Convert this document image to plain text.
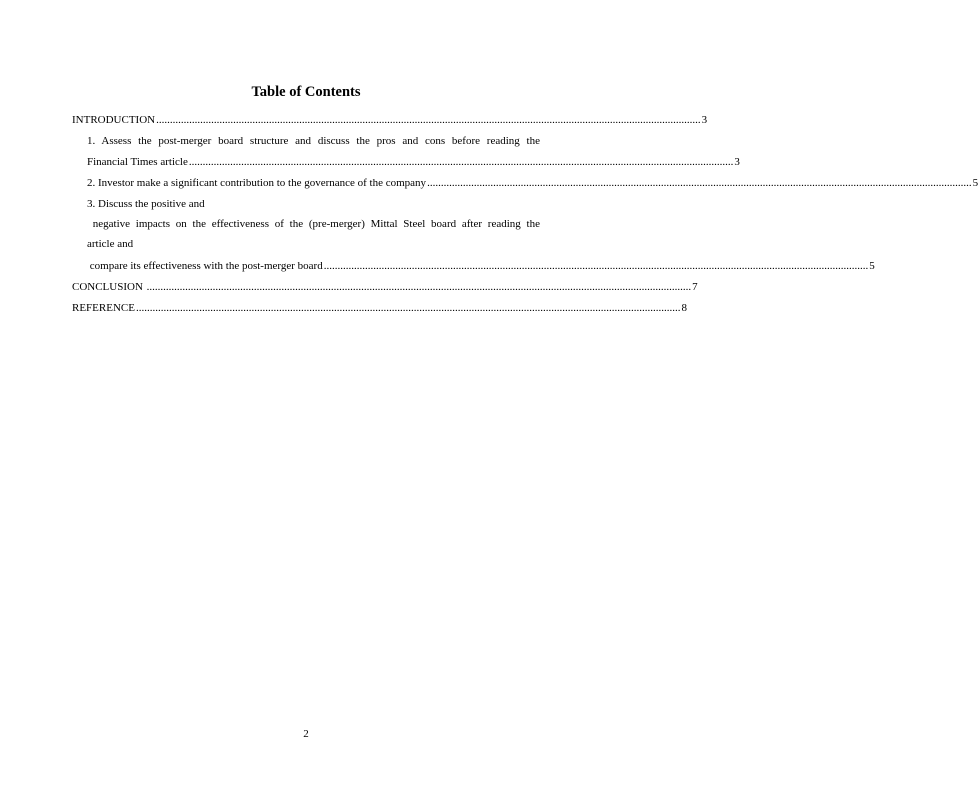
Table of Contents
INTRODUCTION ...................................................................................................................................................................................................... 3
1. Assess the post-merger board structure and discuss the pros and cons before reading the
Financial Times article ...................................................................................................................................................................................................... 3
2. Investor make a significant contribution to the governance of the company ...................................................................................................................................................................................................... 5
3. Discuss the positive and
negative impacts on the effectiveness of the (pre-merger) Mittal Steel board after reading the
article and
compare its effectiveness with the post-merger board ...................................................................................................................................................................................................... 5
CONCLUSION ...................................................................................................................................................................................................... 7
REFERENCE ...................................................................................................................................................................................................... 8
2
